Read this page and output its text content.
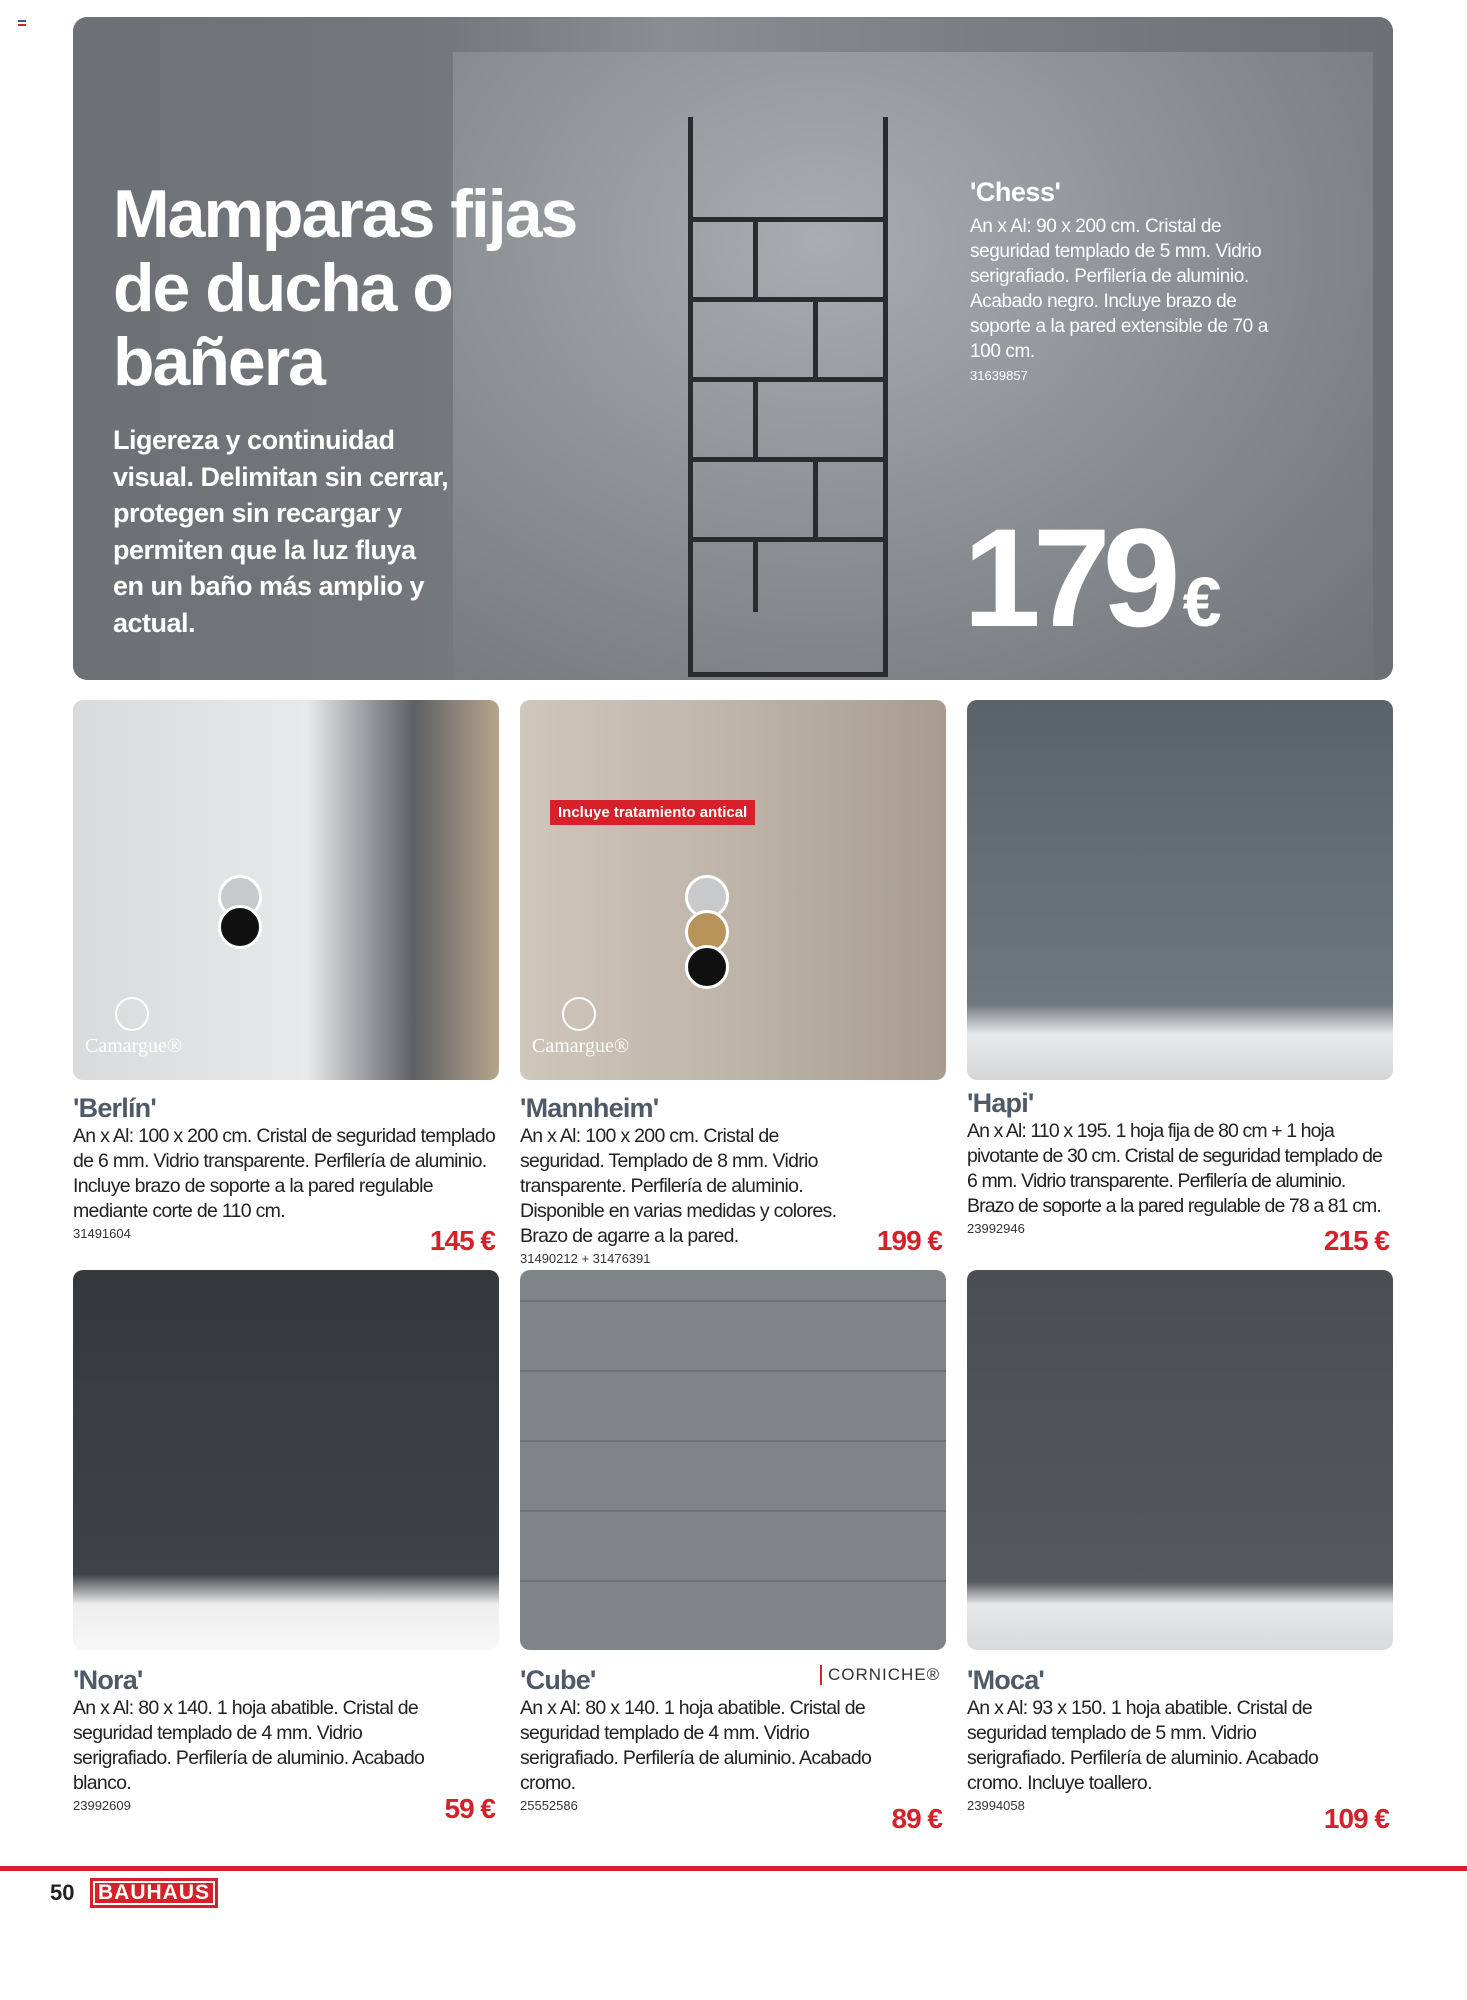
Mamparas fijas de ducha o bañera

Ligereza y continuidad visual. Delimitan sin cerrar, protegen sin recargar y permiten que la luz fluya en un baño más amplio y actual.

'Chess'
An x Al: 90 x 200 cm. Cristal de seguridad templado de 5 mm. Vidrio serigrafiado. Perfilería de aluminio. Acabado negro. Incluye brazo de soporte a la pared extensible de 70 a 100 cm.
31639857
179 €
Camargue®
Incluye tratamiento antical
Camargue®
'Berlín'
An x Al: 100 x 200 cm. Cristal de seguridad templado de 6 mm. Vidrio transparente. Perfilería de aluminio. Incluye brazo de soporte a la pared regulable mediante corte de 110 cm.
31491604	145 €
'Mannheim'
An x Al: 100 x 200 cm. Cristal de seguridad. Templado de 8 mm. Vidrio transparente. Perfilería de aluminio. Disponible en varias medidas y colores. Brazo de agarre a la pared.
31490212 + 31476391
199 €
'Hapi'
An x Al: 110 x 195. 1 hoja fija de 80 cm + 1 hoja pivotante de 30 cm. Cristal de seguridad templado de 6 mm. Vidrio transparente. Perfilería de aluminio. Brazo de soporte a la pared regulable de 78 a 81 cm.
23992946	215 €
CORNICHE®
'Nora'
An x Al: 80 x 140. 1 hoja abatible. Cristal de seguridad templado de 4 mm. Vidrio serigrafiado. Perfilería de aluminio. Acabado blanco.
23992609	59 €
'Cube'
An x Al: 80 x 140. 1 hoja abatible. Cristal de seguridad templado de 4 mm. Vidrio serigrafiado. Perfilería de aluminio. Acabado cromo.
25552586	89 €
'Moca'
An x Al: 93 x 150. 1 hoja abatible. Cristal de seguridad templado de 5 mm. Vidrio serigrafiado. Perfilería de aluminio. Acabado cromo. Incluye toallero.
23994058	109 €
50	BAUHAUS
